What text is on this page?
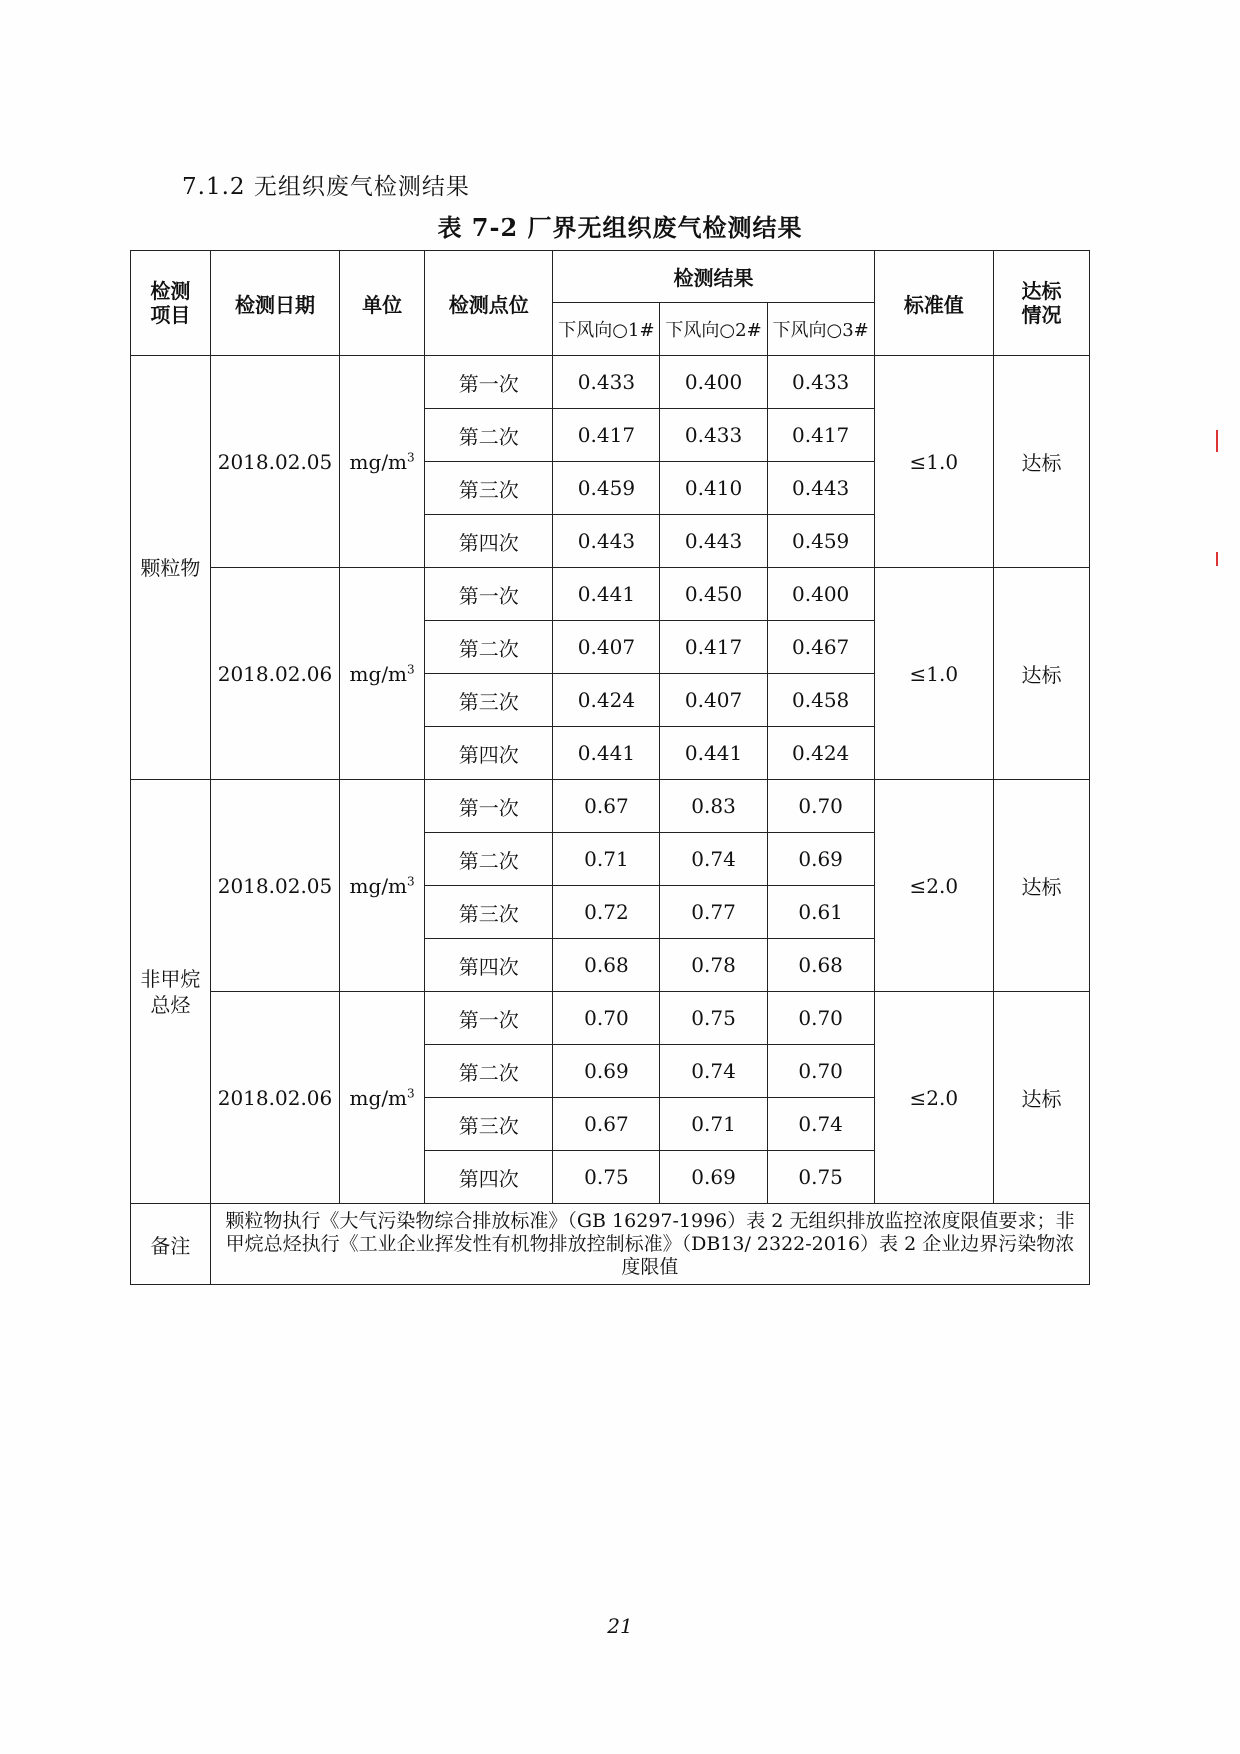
7.1.2 无组织废气检测结果
表 7-2 厂界无组织废气检测结果
检测
项目	检测日期	单位	检测点位	检测结果			标准值	达标
情况
				下风向○1#	下风向○2#	下风向○3#		
颗粒物	2018.02.05	$mg/m^3$	第一次	0.433	0.400	0.433	≤1.0	达标
			第二次	0.417	0.433	0.417		
			第三次	0.459	0.410	0.443		
			第四次	0.443	0.443	0.459		
	2018.02.06	$mg/m^3$	第一次	0.441	0.450	0.400	≤1.0	达标
			第二次	0.407	0.417	0.467		
			第三次	0.424	0.407	0.458		
			第四次	0.441	0.441	0.424		
非甲烷
总烃	2018.02.05	$mg/m^3$	第一次	0.67	0.83	0.70	≤2.0	达标
			第二次	0.71	0.74	0.69		
			第三次	0.72	0.77	0.61		
			第四次	0.68	0.78	0.68		
	2018.02.06	$mg/m^3$	第一次	0.70	0.75	0.70	≤2.0	达标
			第二次	0.69	0.74	0.70		
			第三次	0.67	0.71	0.74		
			第四次	0.75	0.69	0.75		
备注	颗粒物执行《大气污染物综合排放标准》（GB 16297-1996）表 2 无组织排放监控浓度限值要求；非甲烷总烃执行《工业企业挥发性有机物排放控制标准》（DB13/ 2322-2016）表 2 企业边界污染物浓度限值							
21
